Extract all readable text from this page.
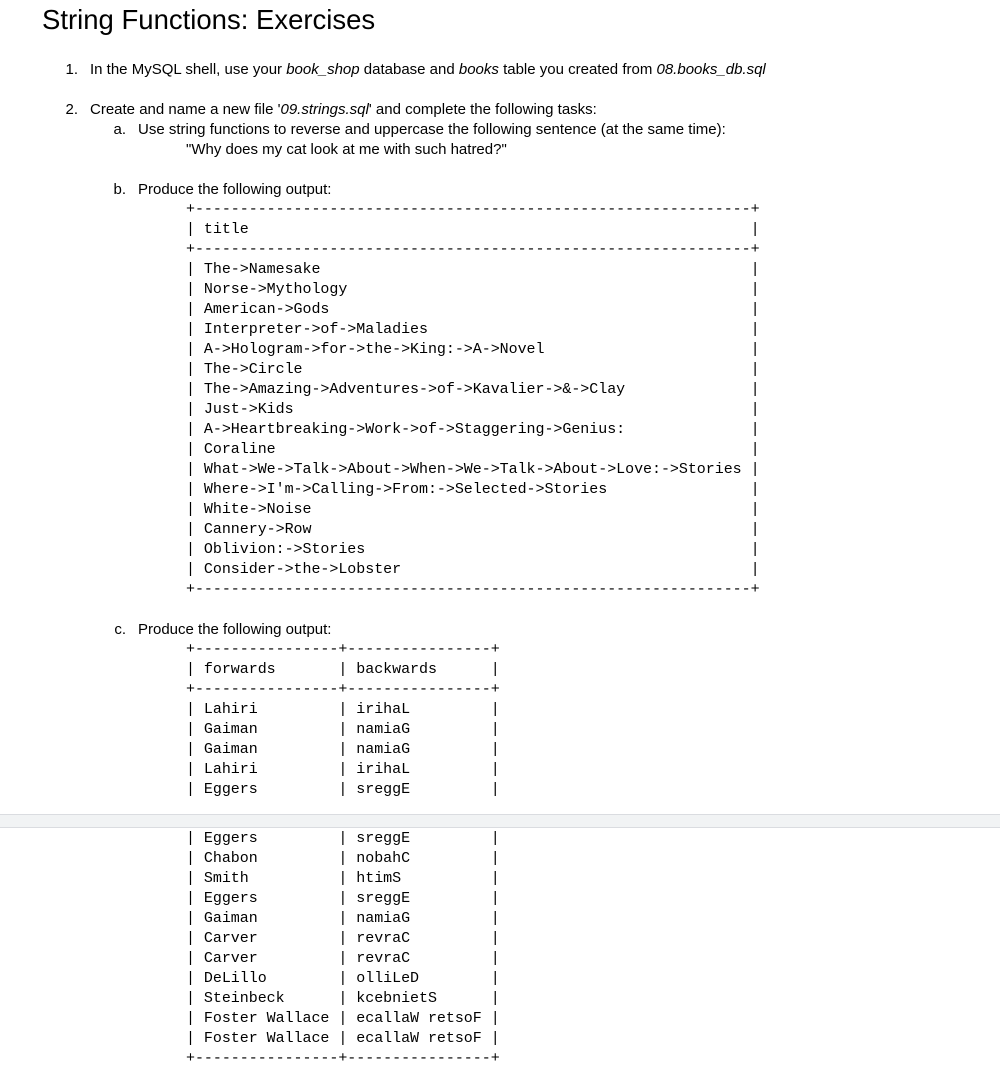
String Functions: Exercises
1. In the MySQL shell, use your book_shop database and books table you created from 08.books_db.sql
2. Create and name a new file '09.strings.sql' and complete the following tasks:
a. Use string functions to reverse and uppercase the following sentence (at the same time):
"Why does my cat look at me with such hatred?"
b. Produce the following output:
+--------------------------------------------------------------+
| title                                                        |
+--------------------------------------------------------------+
| The->Namesake                                                |
| Norse->Mythology                                             |
| American->Gods                                               |
| Interpreter->of->Maladies                                    |
| A->Hologram->for->the->King:->A->Novel                       |
| The->Circle                                                  |
| The->Amazing->Adventures->of->Kavalier->&->Clay              |
| Just->Kids                                                   |
| A->Heartbreaking->Work->of->Staggering->Genius:              |
| Coraline                                                     |
| What->We->Talk->About->When->We->Talk->About->Love:->Stories |
| Where->I'm->Calling->From:->Selected->Stories                |
| White->Noise                                                 |
| Cannery->Row                                                 |
| Oblivion:->Stories                                           |
| Consider->the->Lobster                                       |
+--------------------------------------------------------------+
c. Produce the following output:
+----------------+----------------+
| forwards       | backwards      |
+----------------+----------------+
| Lahiri         | irihaL         |
| Gaiman         | namiaG         |
| Gaiman         | namiaG         |
| Lahiri         | irihaL         |
| Eggers         | sreggE         |
| Eggers         | sreggE         |
| Chabon         | nobahC         |
| Smith          | htimS          |
| Eggers         | sreggE         |
| Gaiman         | namiaG         |
| Carver         | revraC         |
| Carver         | revraC         |
| DeLillo        | olliLeD        |
| Steinbeck      | kcebnietS      |
| Foster Wallace | ecallaW retsoF |
| Foster Wallace | ecallaW retsoF |
+----------------+----------------+
